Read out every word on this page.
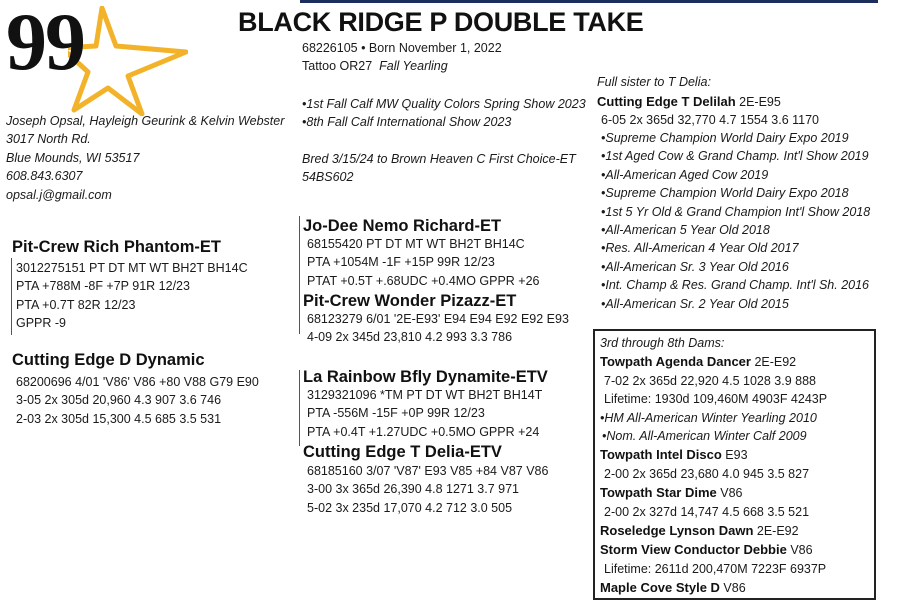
99	BLACK RIDGE P DOUBLE TAKE
68226105 • Born November 1, 2022
Tattoo OR27 Fall Yearling
•1st Fall Calf MW Quality Colors Spring Show 2023
•8th Fall Calf International Show 2023
Bred 3/15/24 to Brown Heaven C First Choice-ET
54BS602
Joseph Opsal, Hayleigh Geurink & Kelvin Webster
3017 North Rd.
Blue Mounds, WI 53517
608.843.6307
opsal.j@gmail.com
Pit-Crew Rich Phantom-ET
3012275151 PT DT MT WT BH2T BH14C
PTA +788M -8F +7P 91R 12/23
PTA +0.7T 82R 12/23
GPPR -9
Cutting Edge D Dynamic
68200696 4/01 'V86' V86 +80 V88 G79 E90
3-05 2x 305d 20,960 4.3 907 3.6 746
2-03 2x 305d 15,300 4.5 685 3.5 531
Jo-Dee Nemo Richard-ET
68155420 PT DT MT WT BH2T BH14C
PTA +1054M -1F +15P 99R 12/23
PTAT +0.5T +.68UDC +0.4MO GPPR +26
Pit-Crew Wonder Pizazz-ET
68123279 6/01 '2E-E93' E94 E94 E92 E92 E93
4-09 2x 345d 23,810 4.2 993 3.3 786
La Rainbow Bfly Dynamite-ETV
3129321096 *TM PT DT WT BH2T BH14T
PTA -556M -15F +0P 99R 12/23
PTA +0.4T +1.27UDC +0.5MO GPPR +24
Cutting Edge T Delia-ETV
68185160 3/07 'V87' E93 V85 +84 V87 V86
3-00 3x 365d 26,390 4.8 1271 3.7 971
5-02 3x 235d 17,070 4.2 712 3.0 505
Full sister to T Delia:
Cutting Edge T Delilah 2E-E95
6-05 2x 365d 32,770 4.7 1554 3.6 1170
•Supreme Champion World Dairy Expo 2019
•1st Aged Cow & Grand Champ. Int'l Show 2019
•All-American Aged Cow 2019
•Supreme Champion World Dairy Expo 2018
•1st 5 Yr Old & Grand Champion Int'l Show 2018
•All-American 5 Year Old 2018
•Res. All-American 4 Year Old 2017
•All-American Sr. 3 Year Old 2016
•Int. Champ & Res. Grand Champ. Int'l Sh. 2016
•All-American Sr. 2 Year Old 2015
3rd through 8th Dams:
Towpath Agenda Dancer 2E-E92
7-02 2x 365d 22,920 4.5 1028 3.9 888
Lifetime: 1930d 109,460M 4903F 4243P
•HM All-American Winter Yearling 2010
•Nom. All-American Winter Calf 2009
Towpath Intel Disco E93
2-00 2x 365d 23,680 4.0 945 3.5 827
Towpath Star Dime V86
2-00 2x 327d 14,747 4.5 668 3.5 521
Roseledge Lynson Dawn 2E-E92
Storm View Conductor Debbie V86
Lifetime: 2611d 200,470M 7223F 6937P
Maple Cove Style D V86
